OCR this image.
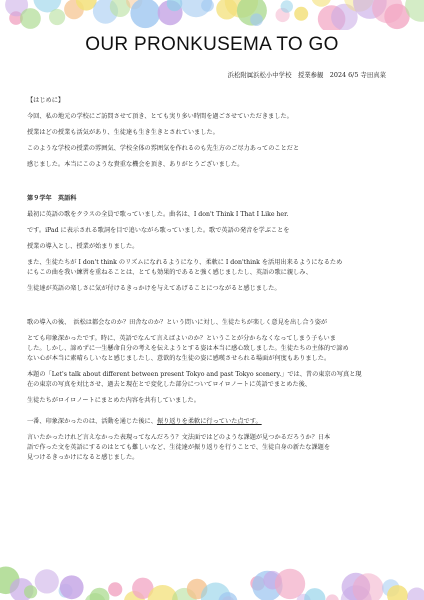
OUR PRONKUSEMA TO GO
浜松附属浜松小中学校　授業参観　2024 6/5 寺田真菜
【はじめに】
今回、私の地元の学校にご訪問させて頂き、とても実り多い時間を過ごさせていただきました。
授業はどの授業も活気があり、生徒達も生き生きとされていました。
このような学校の授業の雰囲気、学校全体の雰囲気を作れるのも先生方のご尽力あってのことだと
感じました。本当にこのような貴重な機会を頂き、ありがとうございました。
第９学年　英語科
最初に英語の歌をクラスの全員で歌っていました。曲名は、I don't Think I That I Like her.
です。iPad に表示される歌詞を目で追いながら歌っていました。歌で英語の発音を学ぶことを
授業の導入とし、授業が始まりました。
また、生徒たちが I don't think のリズムになれるようになり、柔軟に I don'think を活用出来るようになるため
にもこの曲を我い練習を重ねることは、とても効果的であると強く感じましたし、英語の歌に親しみ、
生徒達が英語の楽しさに気が付けるきっかけを与えてあげることにつながると感じました。
歌の導入の後、　浜松は都会なのか？田舎なのか？という問いに対し、生徒たちが楽しく意見を出し合う姿が
とても印象深かったです。時に、英語でなんて言えばよいのか？ということが分からなくなってしまう子もいま
した。しかし、諦めずに一生懸命自分の考えを伝えようとする姿は本当に感心致しました。生徒たちの主体的で諦め
ない心が本当に素晴らしいなと感じましたし、意欲的な生徒の姿に感嘆させられる場面が何度もありました。
本題の「Let's talk about different between present Tokyo and past Tokyo scenery.」では、昔の東京の写真と現
在の東京の写真を対比させ、過去と現在とで変化した部分についてロイロノートに英語でまとめた後、
生徒たちがロイロノートにまとめた内容を共有していました。
一番、印象深かったのは、活動を通じた後に、振り返りを柔軟に行っていた点です。
言いたかったけれど言えなかった表現ってなんだろう？文法面ではどのような課題が見つかるだろうか？日本
語で作った文を英語にするのはとても難しいなど、生徒達が振り返りを行うことで、生徒自身の新たな課題を
見つけるきっかけになると感じました。
